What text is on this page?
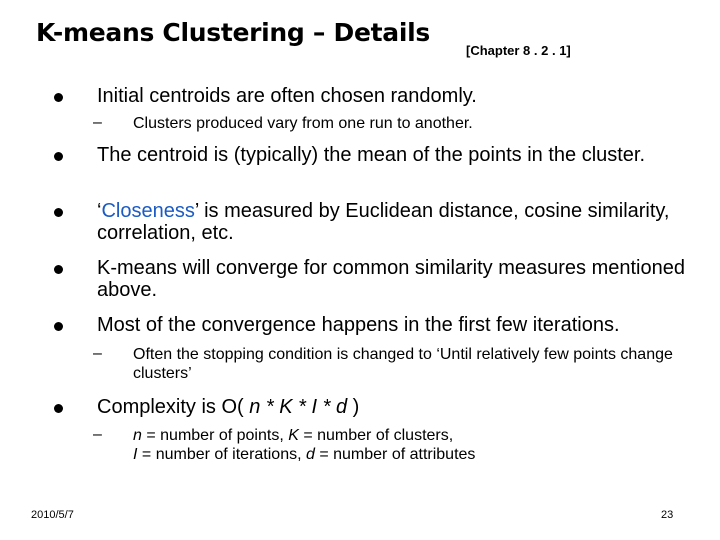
K-means Clustering – Details
[Chapter 8 . 2 . 1]
Initial centroids are often chosen randomly.
– Clusters produced vary from one run to another.
The centroid is (typically) the mean of the points in the cluster.
‘Closeness’ is measured by Euclidean distance, cosine similarity, correlation, etc.
K-means will converge for common similarity measures mentioned above.
Most of the convergence happens in the first few iterations.
– Often the stopping condition is changed to ‘Until relatively few points change clusters’
Complexity is O( n * K * I * d )
– n = number of points, K = number of clusters,
I = number of iterations, d = number of attributes
2010/5/7	23
